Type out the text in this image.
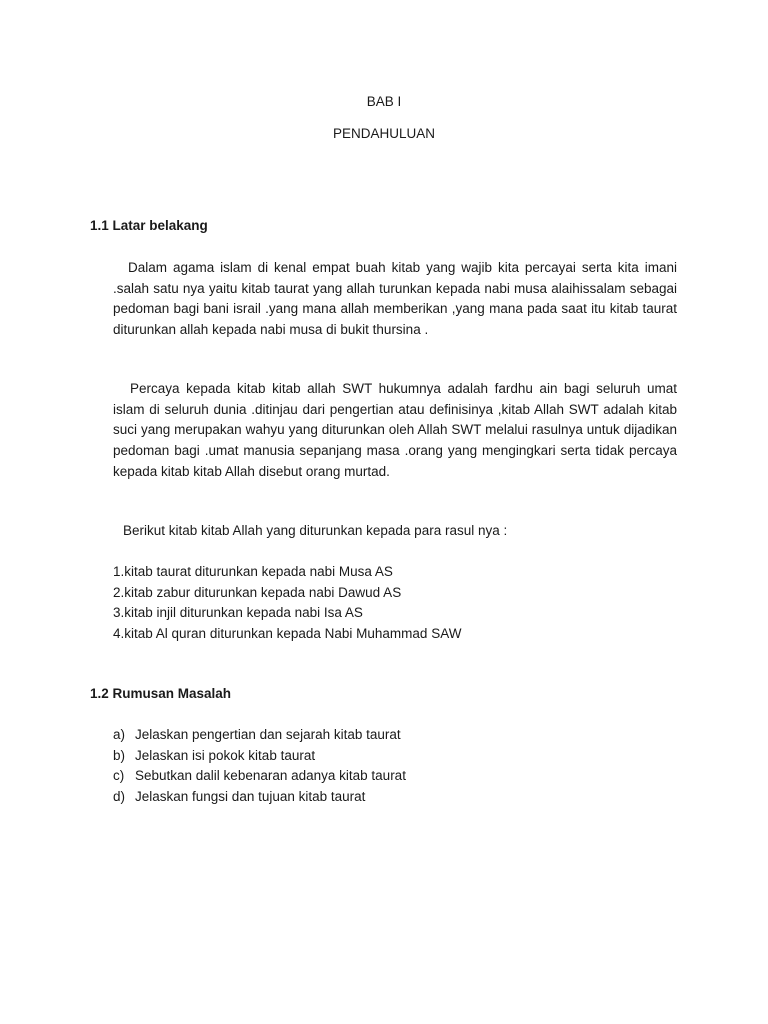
BAB I
PENDAHULUAN
1.1 Latar belakang
Dalam agama islam di kenal empat buah kitab yang wajib kita percayai serta kita imani .salah satu nya yaitu kitab taurat yang allah turunkan kepada nabi musa alaihissalam sebagai pedoman bagi bani israil .yang mana allah memberikan ,yang mana pada saat itu kitab taurat diturunkan allah kepada nabi musa di bukit thursina .
Percaya kepada kitab kitab allah SWT hukumnya adalah fardhu ain bagi seluruh umat islam di seluruh dunia .ditinjau dari pengertian atau definisinya ,kitab Allah SWT adalah kitab suci yang merupakan wahyu yang diturunkan oleh Allah SWT melalui rasulnya untuk dijadikan pedoman bagi .umat manusia sepanjang masa .orang yang mengingkari serta tidak percaya kepada kitab kitab Allah disebut orang murtad.
Berikut kitab kitab Allah yang diturunkan kepada para rasul nya :
1.kitab taurat diturunkan kepada nabi Musa AS
2.kitab zabur diturunkan kepada nabi Dawud AS
3.kitab injil diturunkan kepada nabi Isa AS
4.kitab Al quran diturunkan kepada Nabi Muhammad SAW
1.2 Rumusan Masalah
a) Jelaskan pengertian dan sejarah kitab taurat
b) Jelaskan isi pokok kitab taurat
c) Sebutkan dalil kebenaran adanya kitab taurat
d) Jelaskan fungsi dan tujuan kitab taurat
